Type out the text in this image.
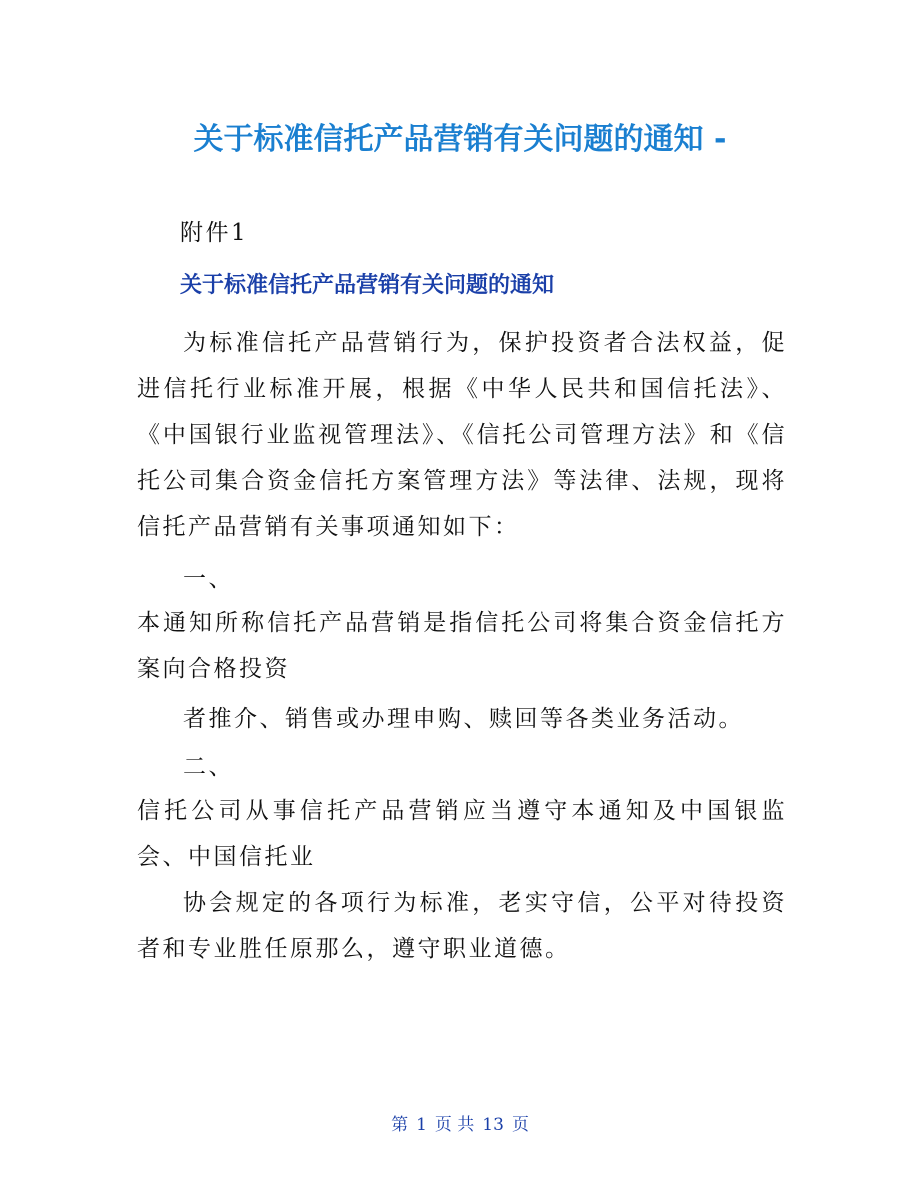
关于标准信托产品营销有关问题的通知 -
附件1
关于标准信托产品营销有关问题的通知
为标准信托产品营销行为，保护投资者合法权益，促进信托行业标准开展，根据《中华人民共和国信托法》、《中国银行业监视管理法》、《信托公司管理方法》和《信托公司集合资金信托方案管理方法》等法律、法规，现将信托产品营销有关事项通知如下：
一、
本通知所称信托产品营销是指信托公司将集合资金信托方案向合格投资
者推介、销售或办理申购、赎回等各类业务活动。
二、
信托公司从事信托产品营销应当遵守本通知及中国银监会、中国信托业
协会规定的各项行为标准，老实守信，公平对待投资者和专业胜任原那么，遵守职业道德。
第 1 页 共 13 页
